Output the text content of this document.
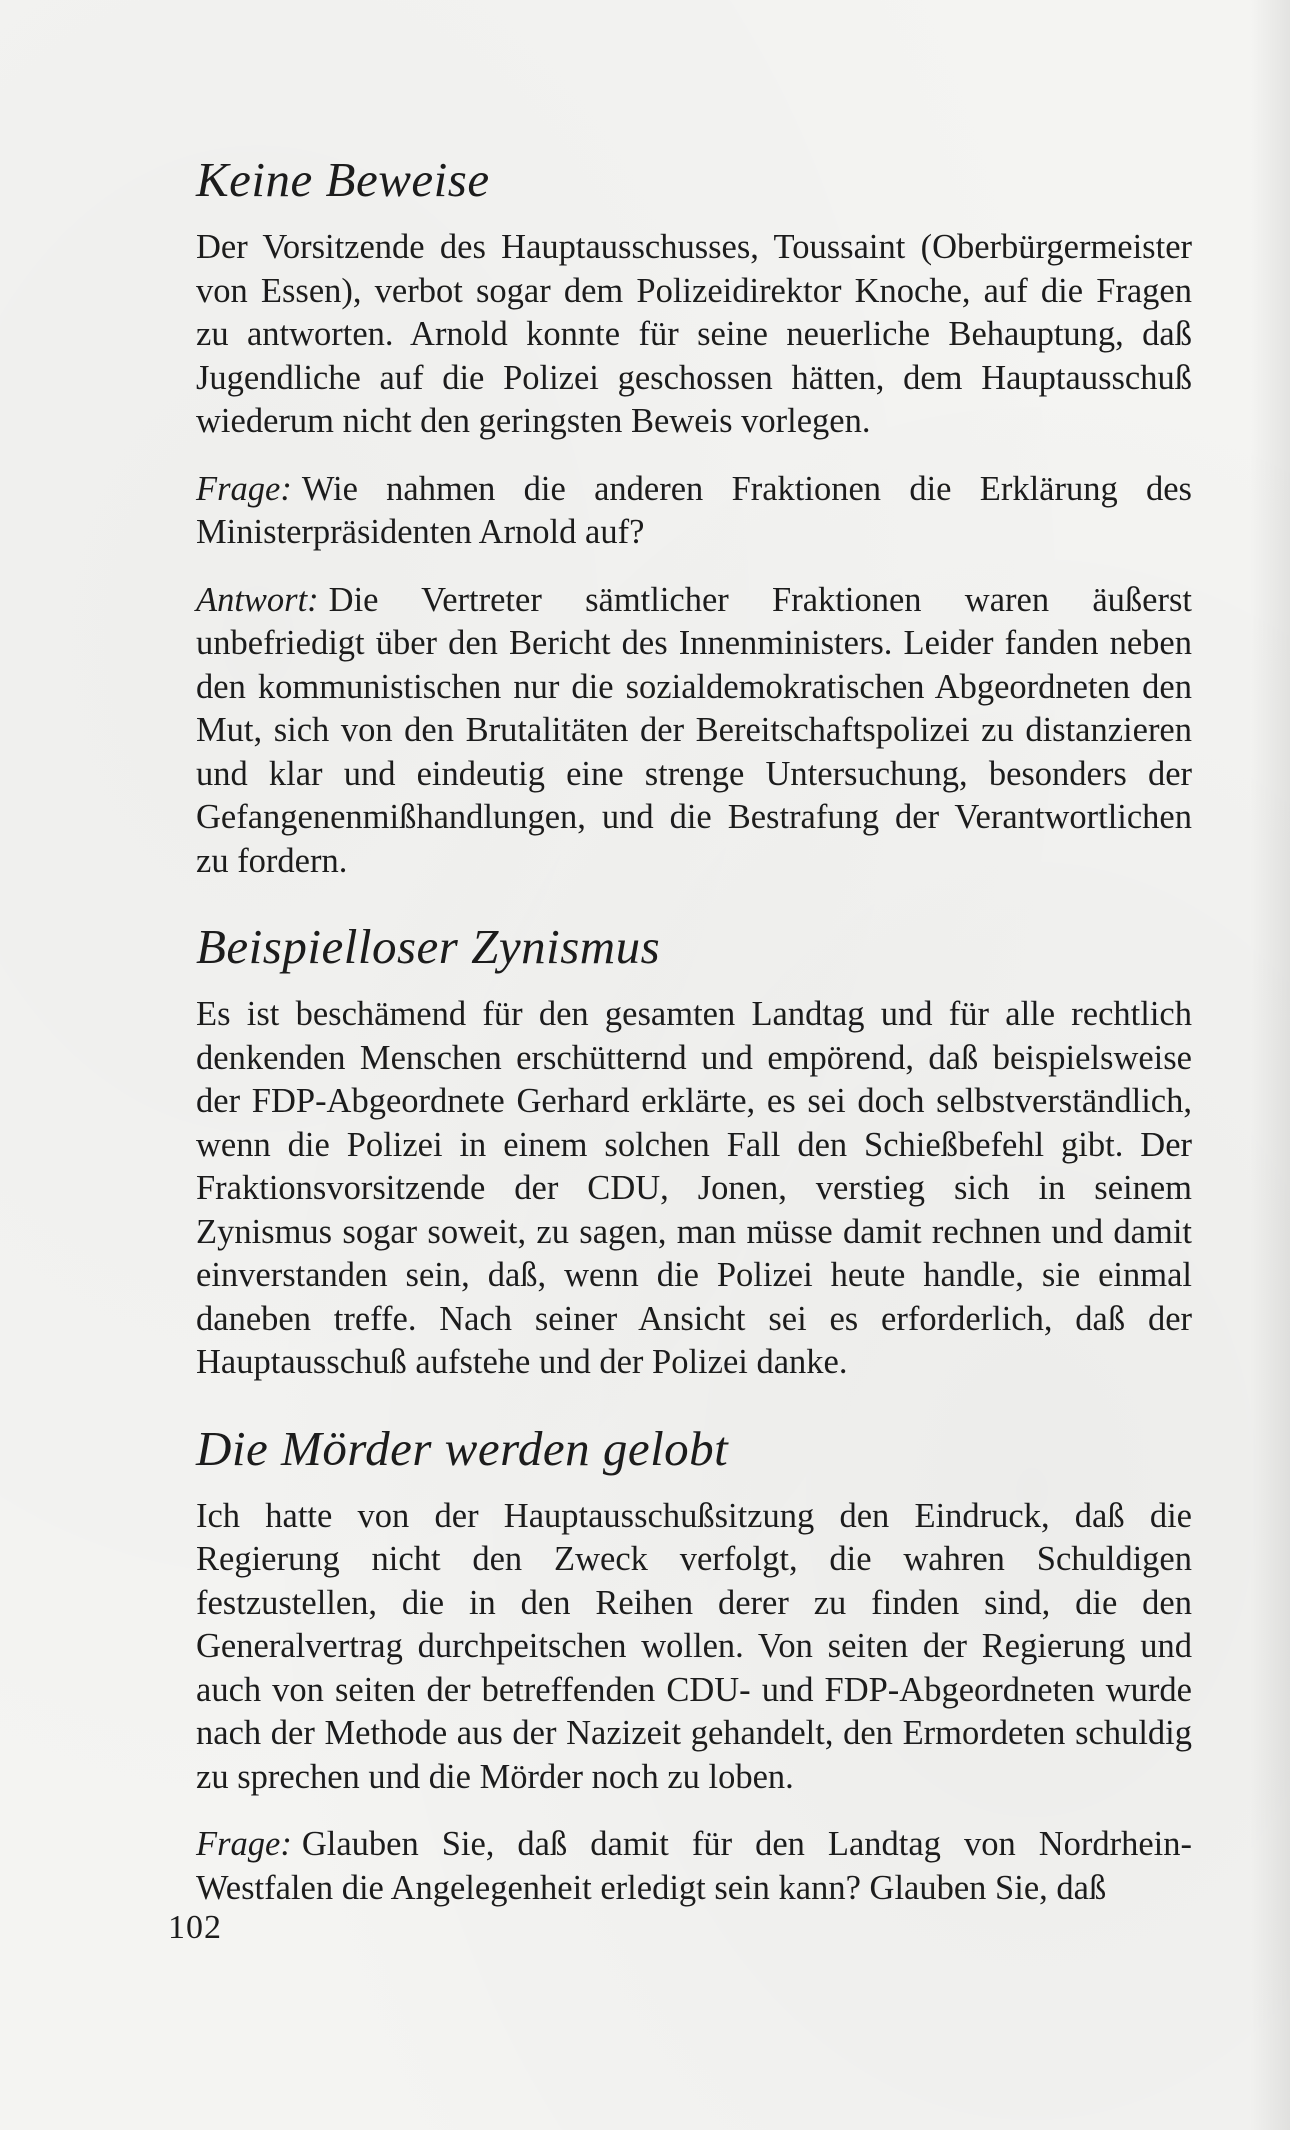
Keine Beweise

Der Vorsitzende des Hauptausschusses, Toussaint (Oberbürgermeister von Essen), verbot sogar dem Polizeidirektor Knoche, auf die Fragen zu antworten. Arnold konnte für seine neuerliche Behauptung, daß Jugendliche auf die Polizei geschossen hätten, dem Hauptausschuß wiederum nicht den geringsten Beweis vorlegen.

Frage: Wie nahmen die anderen Fraktionen die Erklärung des Ministerpräsidenten Arnold auf?

Antwort: Die Vertreter sämtlicher Fraktionen waren äußerst unbefriedigt über den Bericht des Innenministers. Leider fanden neben den kommunistischen nur die sozialdemokratischen Abgeordneten den Mut, sich von den Brutalitäten der Bereitschaftspolizei zu distanzieren und klar und eindeutig eine strenge Untersuchung, besonders der Gefangenenmißhandlungen, und die Bestrafung der Verantwortlichen zu fordern.

Beispielloser Zynismus

Es ist beschämend für den gesamten Landtag und für alle rechtlich denkenden Menschen erschütternd und empörend, daß beispielsweise der FDP-Abgeordnete Gerhard erklärte, es sei doch selbstverständlich, wenn die Polizei in einem solchen Fall den Schießbefehl gibt. Der Fraktionsvorsitzende der CDU, Jonen, verstieg sich in seinem Zynismus sogar soweit, zu sagen, man müsse damit rechnen und damit einverstanden sein, daß, wenn die Polizei heute handle, sie einmal daneben treffe. Nach seiner Ansicht sei es erforderlich, daß der Hauptausschuß aufstehe und der Polizei danke.

Die Mörder werden gelobt

Ich hatte von der Hauptausschußsitzung den Eindruck, daß die Regierung nicht den Zweck verfolgt, die wahren Schuldigen festzustellen, die in den Reihen derer zu finden sind, die den Generalvertrag durchpeitschen wollen. Von seiten der Regierung und auch von seiten der betreffenden CDU- und FDP-Abgeordneten wurde nach der Methode aus der Nazizeit gehandelt, den Ermordeten schuldig zu sprechen und die Mörder noch zu loben.

Frage: Glauben Sie, daß damit für den Landtag von Nordrhein-Westfalen die Angelegenheit erledigt sein kann? Glauben Sie, daß

102
